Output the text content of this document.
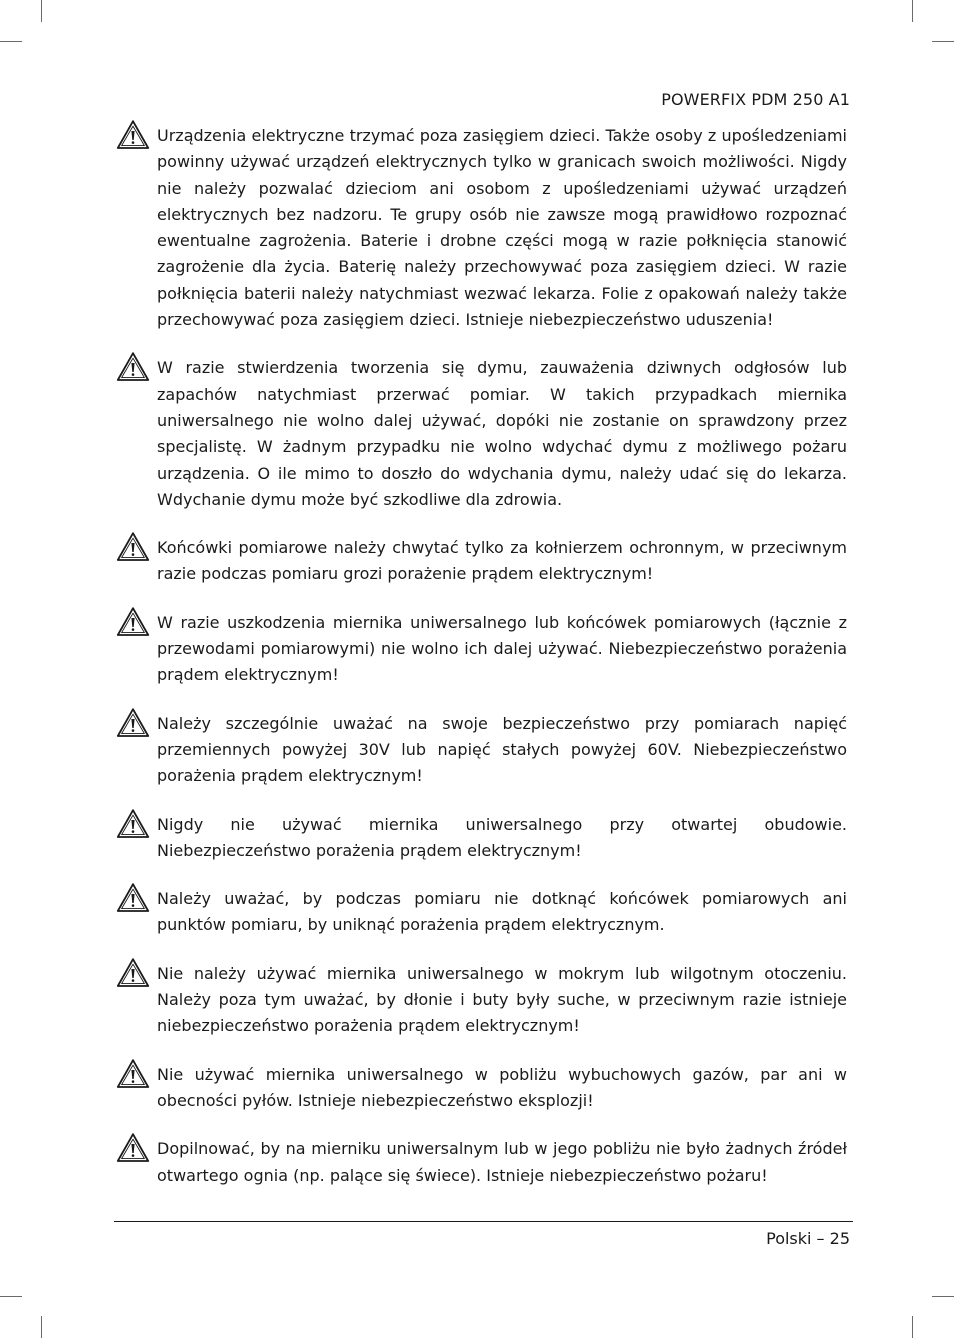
POWERFIX PDM 250 A1

Urządzenia elektryczne trzymać poza zasięgiem dzieci. Także osoby z upośledzeniami powinny używać urządzeń elektrycznych tylko w granicach swoich możliwości. Nigdy nie należy pozwalać dzieciom ani osobom z upośledzeniami używać urządzeń elektrycznych bez nadzoru. Te grupy osób nie zawsze mogą prawidłowo rozpoznać ewentualne zagrożenia. Baterie i drobne części mogą w razie połknięcia stanowić zagrożenie dla życia. Baterię należy przechowywać poza zasięgiem dzieci. W razie połknięcia baterii należy natychmiast wezwać lekarza. Folie z opakowań należy także przechowywać poza zasięgiem dzieci. Istnieje niebezpieczeństwo uduszenia!

W razie stwierdzenia tworzenia się dymu, zauważenia dziwnych odgłosów lub zapachów natychmiast przerwać pomiar. W takich przypadkach miernika uniwersalnego nie wolno dalej używać, dopóki nie zostanie on sprawdzony przez specjalistę. W żadnym przypadku nie wolno wdychać dymu z możliwego pożaru urządzenia. O ile mimo to doszło do wdychania dymu, należy udać się do lekarza. Wdychanie dymu może być szkodliwe dla zdrowia.

Końcówki pomiarowe należy chwytać tylko za kołnierzem ochronnym, w przeciwnym razie podczas pomiaru grozi porażenie prądem elektrycznym!

W razie uszkodzenia miernika uniwersalnego lub końcówek pomiarowych (łącznie z przewodami pomiarowymi) nie wolno ich dalej używać. Niebezpieczeństwo porażenia prądem elektrycznym!

Należy szczególnie uważać na swoje bezpieczeństwo przy pomiarach napięć przemiennych powyżej 30V lub napięć stałych powyżej 60V. Niebezpieczeństwo porażenia prądem elektrycznym!

Nigdy nie używać miernika uniwersalnego przy otwartej obudowie. Niebezpieczeństwo porażenia prądem elektrycznym!

Należy uważać, by podczas pomiaru nie dotknąć końcówek pomiarowych ani punktów pomiaru, by uniknąć porażenia prądem elektrycznym.

Nie należy używać miernika uniwersalnego w mokrym lub wilgotnym otoczeniu. Należy poza tym uważać, by dłonie i buty były suche, w przeciwnym razie istnieje niebezpieczeństwo porażenia prądem elektrycznym!

Nie używać miernika uniwersalnego w pobliżu wybuchowych gazów, par ani w obecności pyłów. Istnieje niebezpieczeństwo eksplozji!

Dopilnować, by na mierniku uniwersalnym lub w jego pobliżu nie było żadnych źródeł otwartego ognia (np. palące się świece). Istnieje niebezpieczeństwo pożaru!

Polski – 25
